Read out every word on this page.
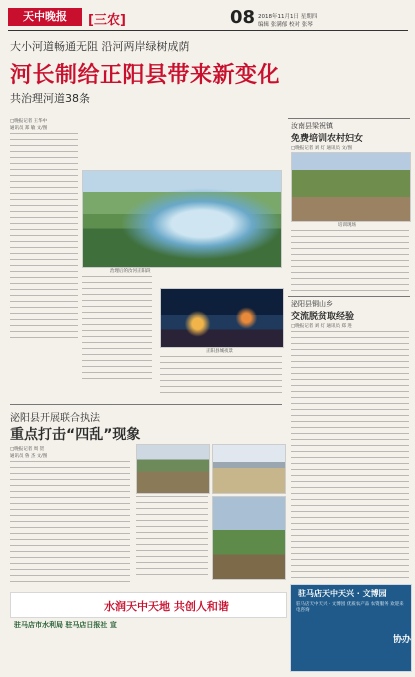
天中晚报	[三农]	08 2018年11月1日 星期四
编辑 张满郁 校对 张琴
大小河道畅通无阻 沿河两岸绿树成荫
河长制给正阳县带来新变化
共治理河道38条
□晚报记者 王华中
通讯员 郑 敏 文/图
治理后的汝河正阳段
正阳县城夜景
汝南县梁祝镇
免费培训农村妇女
□晚报记者 刘 灯 通讯员 文/图
培训现场
泌阳县铜山乡
交流脱贫取经验
□晚报记者 刘 灯 通讯员 郑 进
泌阳县开展联合执法
重点打击“四乱”现象
□晚报记者 周 贺
通讯员 鲁 杰 文/图
水润天中天地 共创人和谐
驻马店市水利局 驻马店日报社 宣
驻马店天中天兴 · 文博园
驻马店天中天兴 · 文博园 优质农产品 农资服务 欢迎来电咨询
协办
